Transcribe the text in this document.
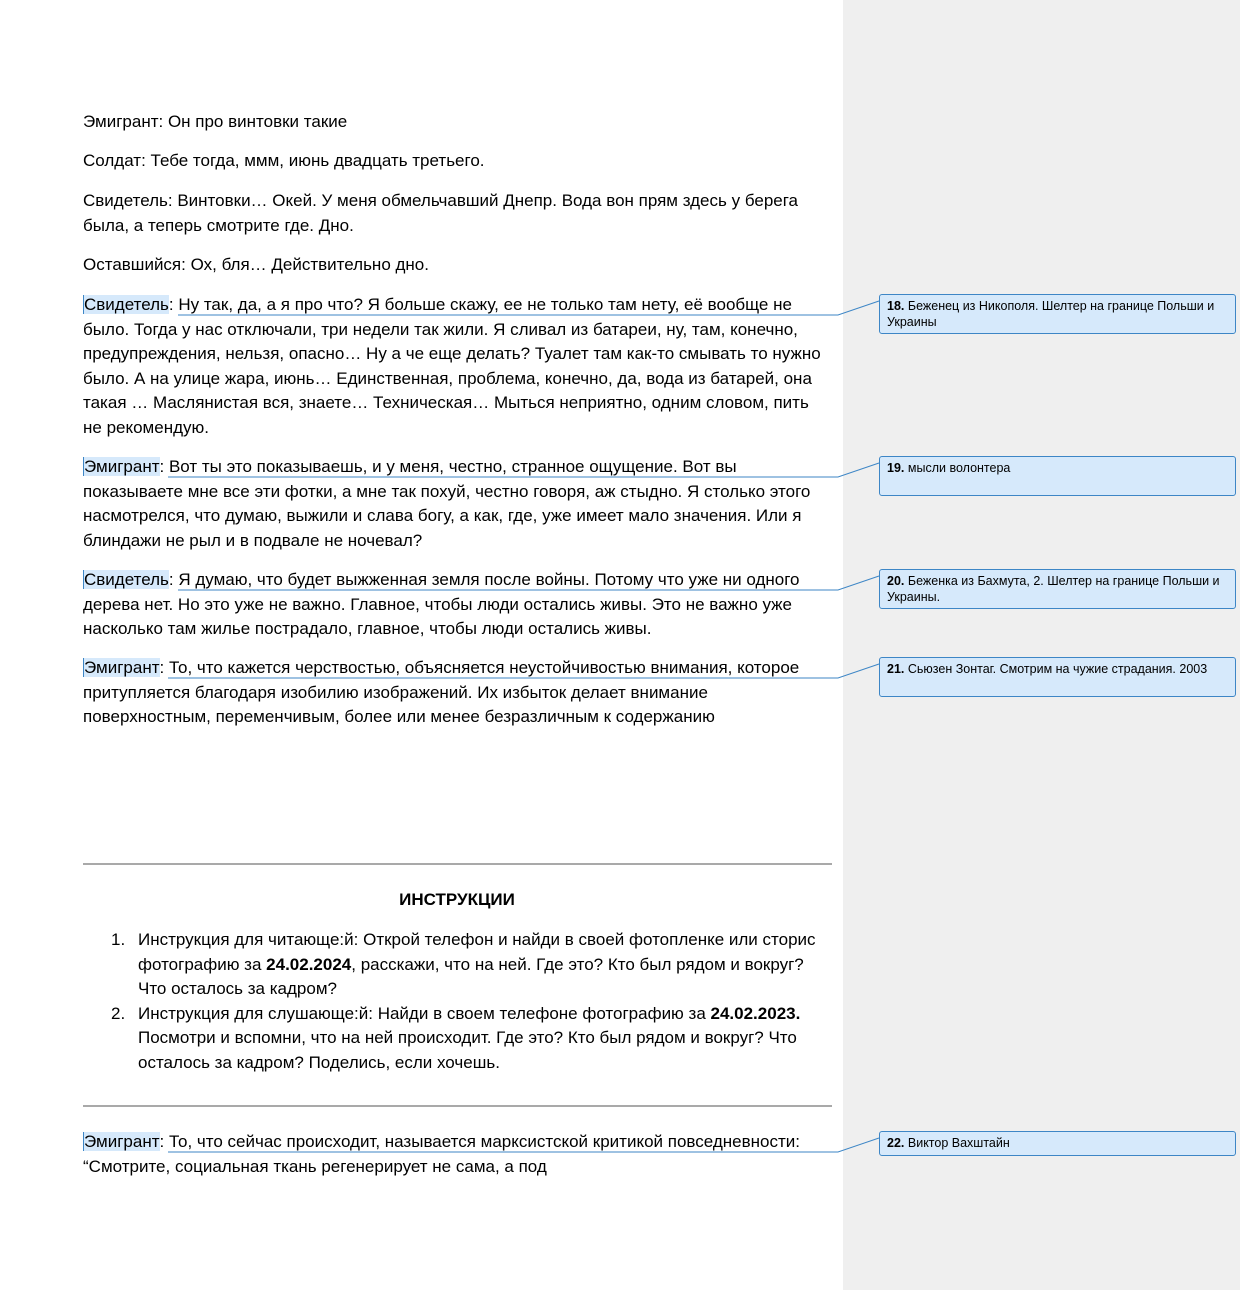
Эмигрант: Он про винтовки такие

Солдат: Тебе тогда, ммм, июнь двадцать третьего.

Свидетель: Винтовки… Окей. У меня обмельчавший Днепр. Вода вон прям здесь у берега была, а теперь смотрите где. Дно.

Оставшийся: Ох, бля… Действительно дно.

Свидетель: Ну так, да, а я про что? Я больше скажу, ее не только там нету, её вообще не было. Тогда у нас отключали, три недели так жили. Я сливал из батареи, ну, там, конечно, предупреждения, нельзя, опасно… Ну а че еще делать? Туалет там как-то смывать то нужно было. А на улице жара, июнь… Единственная, проблема, конечно, да, вода из батарей, она такая … Маслянистая вся, знаете… Техническая… Мыться неприятно, одним словом, пить не рекомендую.

Эмигрант: Вот ты это показываешь, и у меня, честно, странное ощущение. Вот вы показываете мне все эти фотки, а мне так похуй, честно говоря, аж стыдно. Я столько этого насмотрелся, что думаю, выжили и слава богу, а как, где, уже имеет мало значения. Или я блиндажи не рыл и в подвале не ночевал?

Свидетель: Я думаю, что будет выжженная земля после войны. Потому что уже ни одного дерева нет. Но это уже не важно. Главное, чтобы люди остались живы. Это не важно уже насколько там жилье пострадало, главное, чтобы люди остались живы.

Эмигрант: То, что кажется черствостью, объясняется неустойчивостью внимания, которое притупляется благодаря изобилию изображений. Их избыток делает внимание поверхностным, переменчивым, более или менее безразличным к содержанию

ИНСТРУКЦИИ
1. Инструкция для читающе:й: Открой телефон и найди в своей фотопленке или сторис фотографию за 24.02.2024, расскажи, что на ней. Где это? Кто был рядом и вокруг? Что осталось за кадром?
2. Инструкция для слушающе:й: Найди в своем телефоне фотографию за 24.02.2023. Посмотри и вспомни, что на ней происходит. Где это? Кто был рядом и вокруг? Что осталось за кадром? Поделись, если хочешь.

Эмигрант: То, что сейчас происходит, называется марксистской критикой повседневности: “Смотрите, социальная ткань регенерирует не сама, а под

18. Беженец из Никополя. Шелтер на границе Польши и Украины
19. мысли волонтера
20. Беженка из Бахмута, 2. Шелтер на границе Польши и Украины.
21. Сьюзен Зонтаг. Смотрим на чужие страдания. 2003
22. Виктор Вахштайн
